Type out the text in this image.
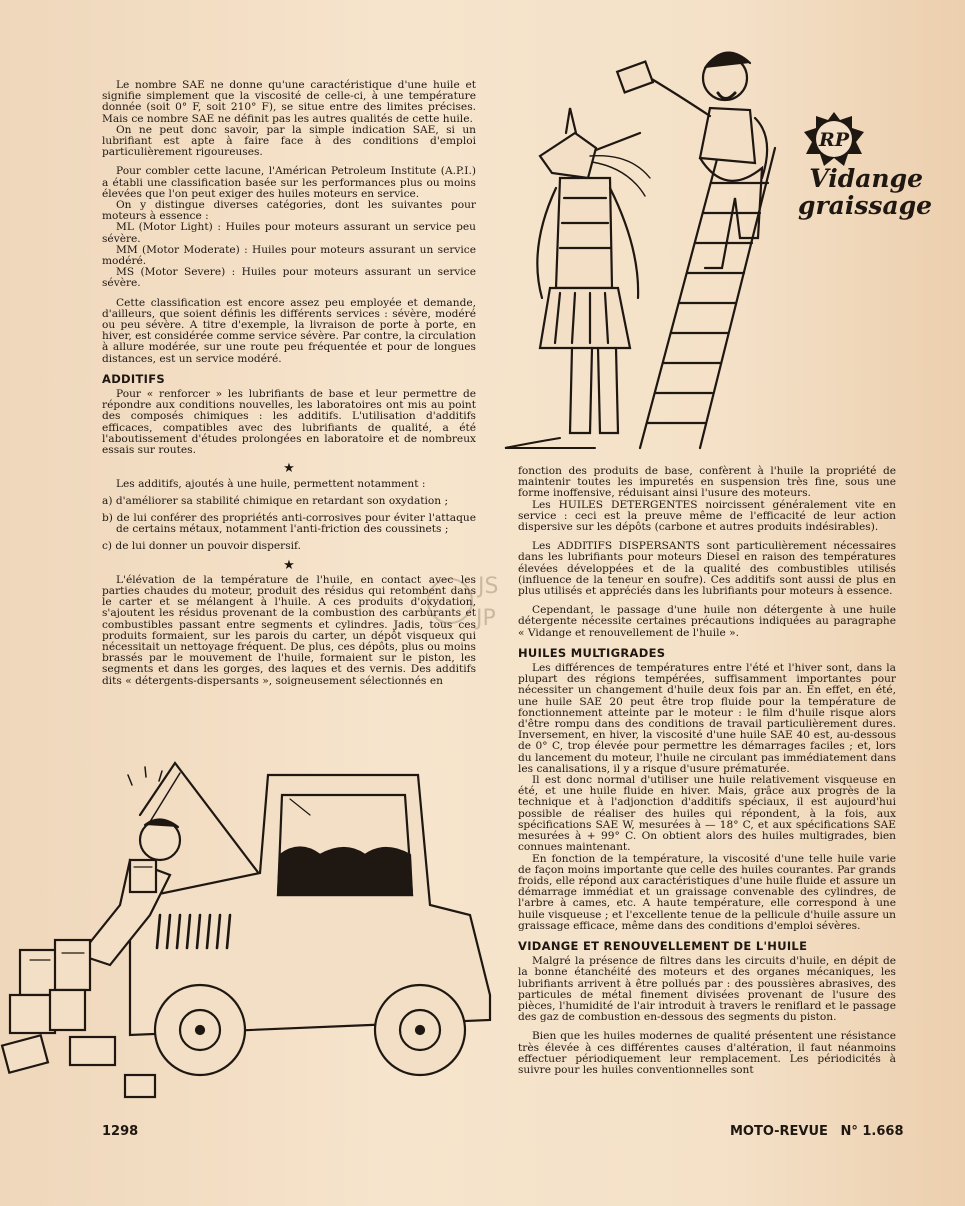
Le nombre SAE ne donne qu'une caractéristique d'une huile et signifie simplement que la viscosité de celle-ci, à une température donnée (soit 0° F, soit 210° F), se situe entre des limites précises. Mais ce nombre SAE ne définit pas les autres qualités de cette huile.

On ne peut donc savoir, par la simple indication SAE, si un lubrifiant est apte à faire face à des conditions d'emploi particulièrement rigoureuses.

Pour combler cette lacune, l'Américan Petroleum Institute (A.P.I.) a établi une classification basée sur les performances plus ou moins élevées que l'on peut exiger des huiles moteurs en service.

On y distingue diverses catégories, dont les suivantes pour moteurs à essence :

ML (Motor Light) : Huiles pour moteurs assurant un service peu sévère.

MM (Motor Moderate) : Huiles pour moteurs assurant un service modéré.

MS (Motor Severe) : Huiles pour moteurs assurant un service sévère.

Cette classification est encore assez peu employée et demande, d'ailleurs, que soient définis les différents services : sévère, modéré ou peu sévère. A titre d'exemple, la livraison de porte à porte, en hiver, est considérée comme service sévère. Par contre, la circulation à allure modérée, sur une route peu fréquentée et pour de longues distances, est un service modéré.

ADDITIFS

Pour « renforcer » les lubrifiants de base et leur permettre de répondre aux conditions nouvelles, les laboratoires ont mis au point des composés chimiques : les additifs. L'utilisation d'additifs efficaces, compatibles avec des lubrifiants de qualité, a été l'aboutissement d'études prolongées en laboratoire et de nombreux essais sur routes.

★

Les additifs, ajoutés à une huile, permettent notamment :

a) d'améliorer sa stabilité chimique en retardant son oxydation ;
b) de lui conférer des propriétés anti-corrosives pour éviter l'attaque de certains métaux, notamment l'anti-friction des coussinets ;
c) de lui donner un pouvoir dispersif.
★

L'élévation de la température de l'huile, en contact avec les parties chaudes du moteur, produit des résidus qui retombent dans le carter et se mélangent à l'huile. A ces produits d'oxydation, s'ajoutent les résidus provenant de la combustion des carburants et combustibles passant entre segments et cylindres. Jadis, tous ces produits formaient, sur les parois du carter, un dépôt visqueux qui nécessitait un nettoyage fréquent. De plus, ces dépôts, plus ou moins brassés par le mouvement de l'huile, formaient sur le piston, les segments et dans les gorges, des laques et des vernis. Des additifs dits « détergents-dispersants », soigneusement sélectionnés en

fonction des produits de base, confèrent à l'huile la propriété de maintenir toutes les impuretés en suspension très fine, sous une forme inoffensive, réduisant ainsi l'usure des moteurs.

Les HUILES DETERGENTES noircissent généralement vite en service : ceci est la preuve même de l'efficacité de leur action dispersive sur les dépôts (carbone et autres produits indésirables).

Les ADDITIFS DISPERSANTS sont particulièrement nécessaires dans les lubrifiants pour moteurs Diesel en raison des températures élevées développées et de la qualité des combustibles utilisés (influence de la teneur en soufre). Ces additifs sont aussi de plus en plus utilisés et appréciés dans les lubrifiants pour moteurs à essence.

Cependant, le passage d'une huile non détergente à une huile détergente nécessite certaines précautions indiquées au paragraphe « Vidange et renouvellement de l'huile ».

HUILES MULTIGRADES

Les différences de températures entre l'été et l'hiver sont, dans la plupart des régions tempérées, suffisamment importantes pour nécessiter un changement d'huile deux fois par an. En effet, en été, une huile SAE 20 peut être trop fluide pour la température de fonctionnement atteinte par le moteur : le film d'huile risque alors d'être rompu dans des conditions de travail particulièrement dures. Inversement, en hiver, la viscosité d'une huile SAE 40 est, au-dessous de 0° C, trop élevée pour permettre les démarrages faciles ; et, lors du lancement du moteur, l'huile ne circulant pas immédiatement dans les canalisations, il y a risque d'usure prématurée.

Il est donc normal d'utiliser une huile relativement visqueuse en été, et une huile fluide en hiver. Mais, grâce aux progrès de la technique et à l'adjonction d'additifs spéciaux, il est aujourd'hui possible de réaliser des huiles qui répondent, à la fois, aux spécifications SAE W, mesurées à — 18° C, et aux spécifications SAE mesurées à + 99° C. On obtient alors des huiles multigrades, bien connues maintenant.

En fonction de la température, la viscosité d'une telle huile varie de façon moins importante que celle des huiles courantes. Par grands froids, elle répond aux caractéristiques d'une huile fluide et assure un démarrage immédiat et un graissage convenable des cylindres, de l'arbre à cames, etc. A haute température, elle correspond à une huile visqueuse ; et l'excellente tenue de la pellicule d'huile assure un graissage efficace, même dans des conditions d'emploi sévères.

VIDANGE ET RENOUVELLEMENT DE L'HUILE

Malgré la présence de filtres dans les circuits d'huile, en dépit de la bonne étanchéité des moteurs et des organes mécaniques, les lubrifiants arrivent à être pollués par : des poussières abrasives, des particules de métal finement divisées provenant de l'usure des pièces, l'humidité de l'air introduit à travers le reniflard et le passage des gaz de combustion en-dessous des segments du piston.

Bien que les huiles modernes de qualité présentent une résistance très élevée à ces différentes causes d'altération, il faut néanmoins effectuer périodiquement leur remplacement. Les périodicités à suivre pour les huiles conventionnelles sont

RP
Vidange
graissage
JS
JP
1298	MOTO-REVUE N° 1.668
